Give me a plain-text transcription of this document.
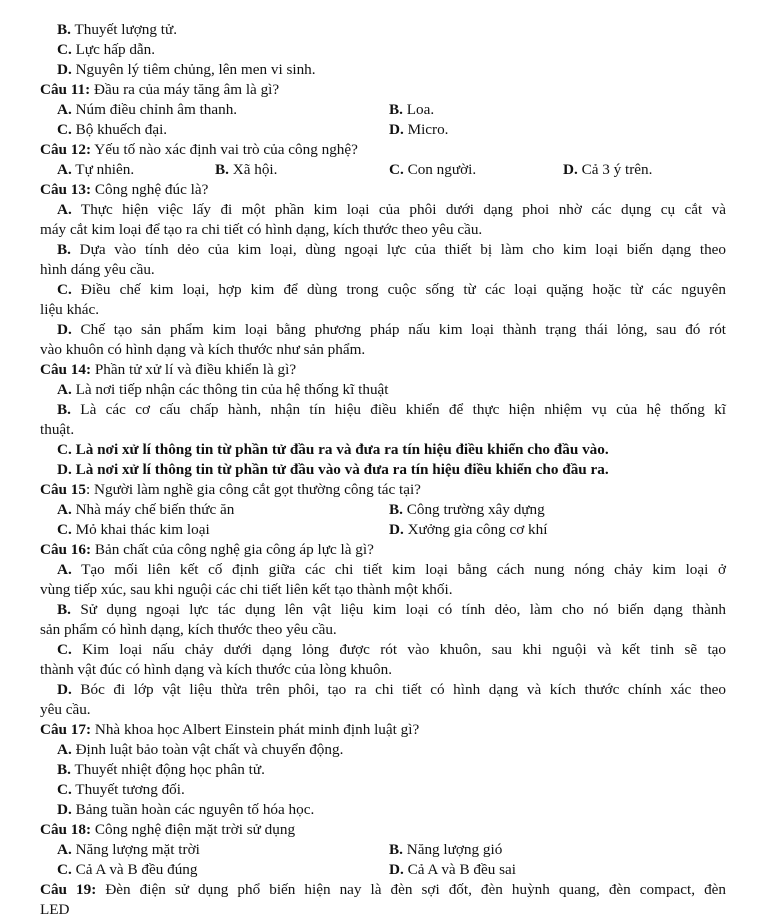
B. Thuyết lượng tử.
C. Lực hấp dẫn.
D. Nguyên lý tiêm chủng, lên men vi sinh.
Câu 11: Đầu ra của máy tăng âm là gì?
A. Núm điều chỉnh âm thanh.	B. Loa.
C. Bộ khuếch đại.	D. Micro.
Câu 12: Yếu tố nào xác định vai trò của công nghệ?
A. Tự nhiên.	B. Xã hội.	C. Con người.	D. Cả 3 ý trên.
Câu 13: Công nghệ đúc là?
A. Thực hiện việc lấy đi một phần kim loại của phôi dưới dạng phoi nhờ các dụng cụ cắt và
máy cắt kim loại để tạo ra chi tiết có hình dạng, kích thước theo yêu cầu.
B. Dựa vào tính dẻo của kim loại, dùng ngoại lực của thiết bị làm cho kim loại biến dạng theo
hình dáng yêu cầu.
C. Điều chế kim loại, hợp kim để dùng trong cuộc sống từ các loại quặng hoặc từ các nguyên
liệu khác.
D. Chế tạo sản phẩm kim loại bằng phương pháp nấu kim loại thành trạng thái lỏng, sau đó rót
vào khuôn có hình dạng và kích thước như sản phẩm.
Câu 14: Phần tử xử lí và điều khiển là gì?
A. Là nơi tiếp nhận các thông tin của hệ thống kĩ thuật
B. Là các cơ cấu chấp hành, nhận tín hiệu điều khiển để thực hiện nhiệm vụ của hệ thống kĩ
thuật.
C. Là nơi xử lí thông tin từ phần tử đầu ra và đưa ra tín hiệu điều khiển cho đầu vào.
D. Là nơi xử lí thông tin từ phần tử đầu vào và đưa ra tín hiệu điều khiển cho đầu ra.
Câu 15: Người làm nghề gia công cắt gọt thường công tác tại?
A. Nhà máy chế biến thức ăn	B. Công trường xây dựng
C. Mỏ khai thác kim loại	D. Xưởng gia công cơ khí
Câu 16: Bản chất của công nghệ gia công áp lực là gì?
A. Tạo mối liên kết cố định giữa các chi tiết kim loại bằng cách nung nóng chảy kim loại ở
vùng tiếp xúc, sau khi nguội các chi tiết liên kết tạo thành một khối.
B. Sử dụng ngoại lực tác dụng lên vật liệu kim loại có tính dẻo, làm cho nó biến dạng thành
sản phẩm có hình dạng, kích thước theo yêu cầu.
C. Kim loại nấu chảy dưới dạng lỏng được rót vào khuôn, sau khi nguội và kết tinh sẽ tạo
thành vật đúc có hình dạng và kích thước của lòng khuôn.
D. Bóc đi lớp vật liệu thừa trên phôi, tạo ra chi tiết có hình dạng và kích thước chính xác theo
yêu cầu.
Câu 17: Nhà khoa học Albert Einstein phát minh định luật gì?
A. Định luật bảo toàn vật chất và chuyển động.
B. Thuyết nhiệt động học phân tử.
C. Thuyết tương đối.
D. Bảng tuần hoàn các nguyên tố hóa học.
Câu 18: Công nghệ điện mặt trời sử dụng
A. Năng lượng mặt trời	B. Năng lượng gió
C. Cả A và B đều đúng	D. Cả A và B đều sai
Câu 19: Đèn điện sử dụng phổ biến hiện nay là đèn sợi đốt, đèn huỳnh quang, đèn compact, đèn
LED
